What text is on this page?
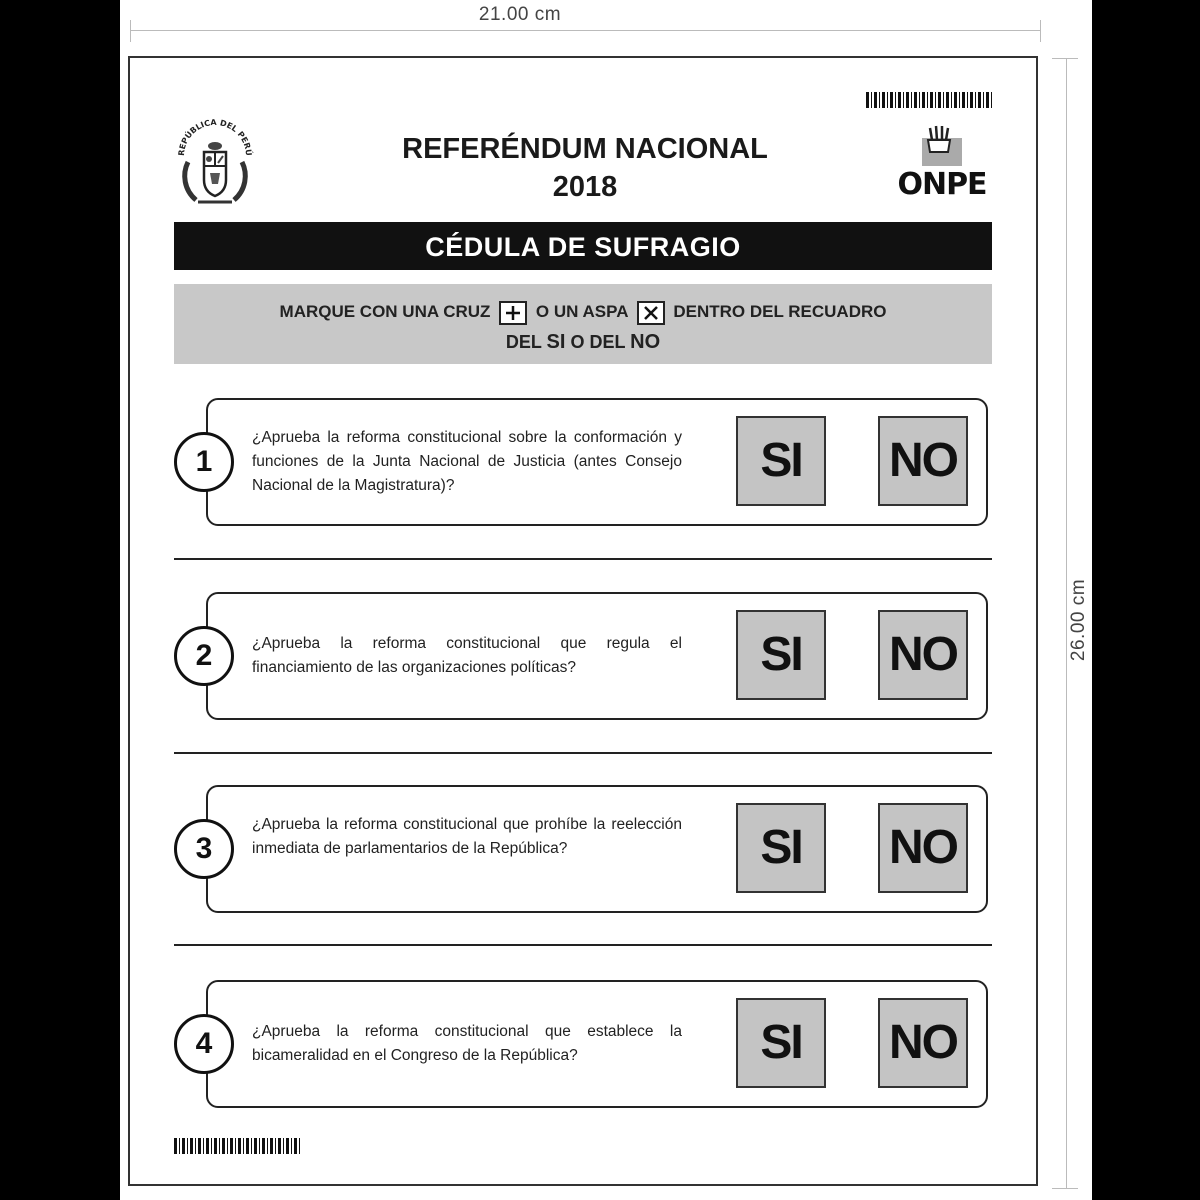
21.00 cm
26.00 cm
REPÚBLICA DEL PERÚ	REFERÉNDUM NACIONAL
2018	ONPE
CÉDULA DE SUFRAGIO
MARQUE CON UNA CRUZ	O UN ASPA	DENTRO DEL RECUADRO
DEL SI O DEL NO
1
¿Aprueba la reforma constitucional sobre la conformación y funciones de la Junta Nacional de Justicia (antes Consejo Nacional de la Magistratura)?	SI	NO
2	¿Aprueba la reforma constitucional que regula el financiamiento de las organizaciones políticas?	SI	NO
3
¿Aprueba la reforma constitucional que prohíbe la reelección inmediata de parlamentarios de la República?	SI	NO
4	¿Aprueba la reforma constitucional que establece la bicameralidad en el Congreso de la República?	SI	NO
